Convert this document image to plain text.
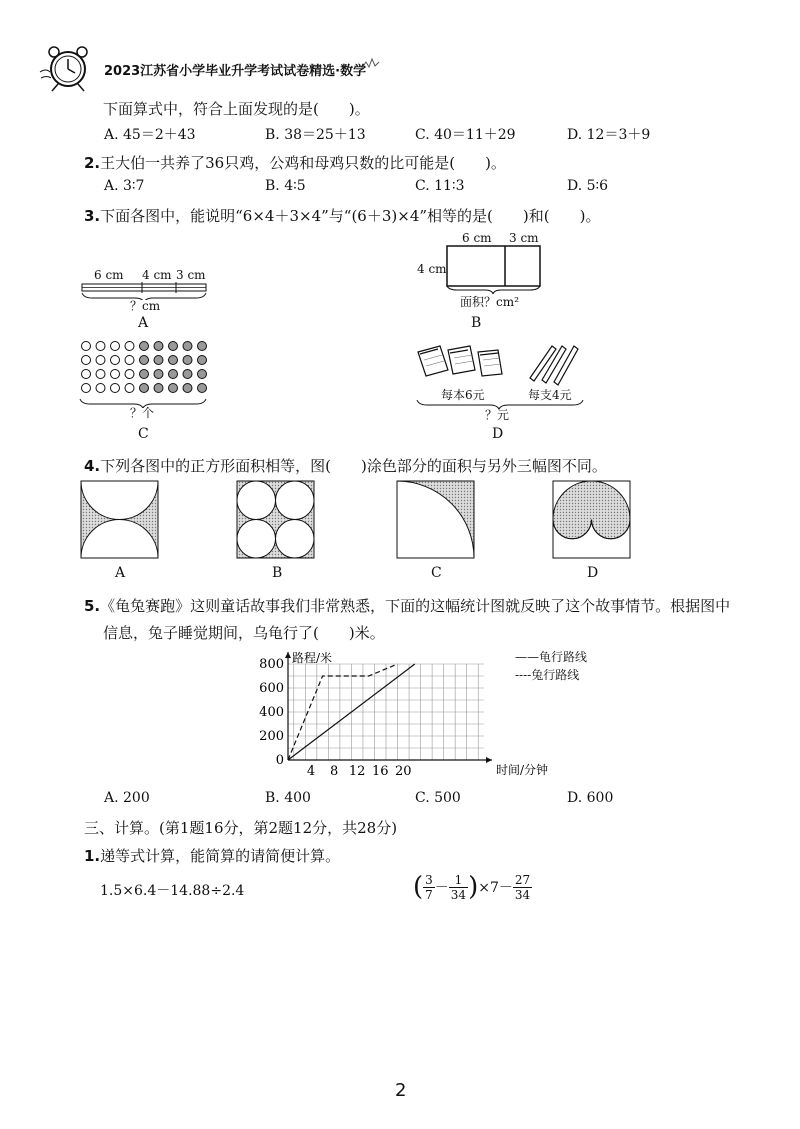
2023江苏省小学毕业升学考试试卷精选·数学
下面算式中，符合上面发现的是(　　)。
A. 45＝2＋43	B. 38＝25＋13	C. 40＝11＋29	D. 12＝3＋9
2.王大伯一共养了36只鸡，公鸡和母鸡只数的比可能是(　　)。
A. 3∶7	B. 4∶5	C. 11∶3	D. 5∶6
3.下面各图中，能说明“6×4＋3×4”与“(6＋3)×4”相等的是(　　)和(　　)。
6 cm 4 cm 3 cm
？cm
A
6 cm 3 cm
4 cm
面积？cm²
B
？个
C
每本6元	每支4元
？元
D
4.下列各图中的正方形面积相等，图(　　)涂色部分的面积与另外三幅图不同。
A	B	C	D
5.《龟兔赛跑》这则童话故事我们非常熟悉，下面的这幅统计图就反映了这个故事情节。根据图中
信息，兔子睡觉期间，乌龟行了(　　)米。
0
200
400
600
800
4 8 12 16 20
路程/米
时间/分钟
——龟行路线
----兔行路线
A. 200	B. 400	C. 500	D. 600
三、计算。(第1题16分，第2题12分，共28分)
1.递等式计算，能简算的请简便计算。
1.5×6.4－14.88÷2.4	( $\frac{3}{7} - \frac{1}{34} )\times 7- \frac{27}{34}$
2
